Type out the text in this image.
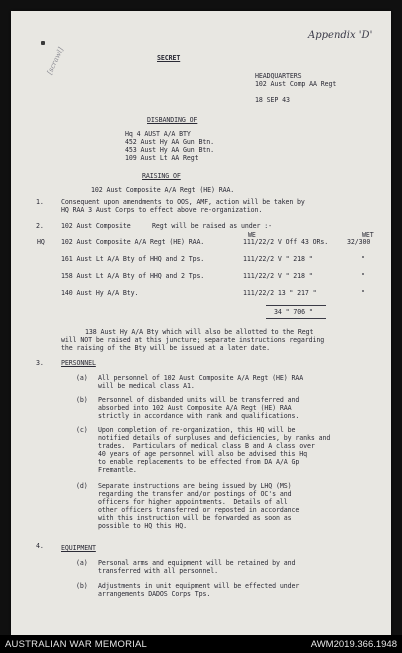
Appendix 'D'
[scrawl]	SECRET
HEADQUARTERS
102 Aust Comp AA Regt
18 SEP 43
DISBANDING OF
Hq 4 AUST A/A BTY
452 Aust Hy AA Gun Btn.
453 Aust Hy AA Gun Btn.
109 Aust Lt AA Regt
RAISING OF
102 Aust Composite A/A Regt (HE) RAA.
1.	Consequent upon amendments to OOS, AMF, action will be taken by
HQ RAA 3 Aust Corps to effect above re-organization.
2.	102 Aust Composite	Regt will be raised as under :-
WE	WET
HQ 102 Aust Composite A/A Regt (HE) RAA.	111/22/2 V Off 43 ORs.	32/300
161 Aust Lt A/A Bty of HHQ and 2 Tps.	111/22/2 V " 218 "	"
158 Aust Lt A/A Bty of HHQ and 2 Tps.	111/22/2 V " 218 "	"
140 Aust Hy A/A Bty.	111/22/2 13 " 217 "	"
34 " 706 "
138 Aust Hy A/A Bty which will also be allotted to the Regt
will NOT be raised at this juncture; separate instructions regarding
the raising of the Bty will be issued at a later date.
3.	PERSONNEL
(a) All personnel of 102 Aust Composite A/A Regt (HE) RAA
will be medical class A1.
(b) Personnel of disbanded units will be transferred and
absorbed into 102 Aust Composite A/A Regt (HE) RAA
strictly in accordance with rank and qualifications.
(c) Upon completion of re-organization, this HQ will be
notified details of surpluses and deficiencies, by ranks and
trades.  Particulars of medical class B and A class over
40 years of age personnel will also be advised this Hq
to enable replacements to be effected from DA A/A Gp
Fremantle.
(d) Separate instructions are being issued by LHQ (MS)
regarding the transfer and/or postings of OC's and
officers for higher appointments.  Details of all
other officers transferred or reposted in accordance
with this instruction will be forwarded as soon as
possible to HQ this HQ.
4.	EQUIPMENT
(a) Personal arms and equipment will be retained by and
transferred with all personnel.
(b) Adjustments in unit equipment will be effected under
arrangements DADOS Corps Tps.
AUSTRALIAN WAR MEMORIAL	AWM2019.366.1948
